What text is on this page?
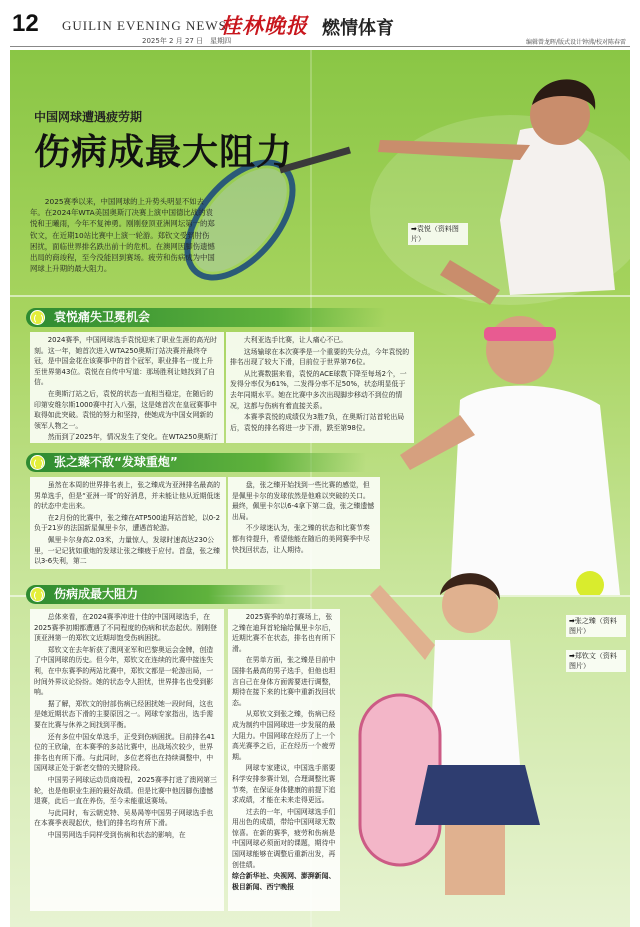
12 GUILIN EVENING NEWS
2025年 2 月 27 日　星期四
桂林晚报 燃情体育
编辑曾龙晖/版式设计钟沸/校对陈春雷
中国网球遭遇疲劳期
伤病成最大阻力

2025赛季以来，中国网球的上升势头明显不如去年。在2024年WTA美国奥斯汀决赛上演中国德比战的袁悦和王曦雨，今年不复神勇。刚刚登顶亚洲网坛第一的郑钦文，在近期10站比赛中上演一轮游。郑钦文受到肘伤困扰，面临世界排名跌出前十的危机。在澳网因脚伤遗憾出局的商竣程，至今没能回到赛场。疲劳和伤病成为中国网球上升期的最大阻力。

➡袁悦（资料图片）
袁悦痛失卫冕机会

2024赛季，中国网球选手袁悦迎来了职业生涯的高光时刻。这一年，她首次进入WTA250奥斯汀站决赛并最终夺冠，是中国金花在该赛事中的首个冠军，职业排名一度上升至世界第43位。袁悦在自传中写道：那场胜利让她找到了自信。

在奥斯汀站之后，袁悦的状态一直相当稳定，在随后的印第安维尔斯1000赛中打入八强，这是她首次在皇冠赛事中取得如此突破。袁悦的努力和坚持，使她成为中国女网新的领军人物之一。

然而到了2025年，情况发生了变化。在WTA250奥斯汀

大利亚选手比赛，让人痛心不已。

这场输球在本次赛季是一个重要的失分点，今年袁悦的排名出现了较大下滑，目前位于世界第76位。

从比赛数据来看，袁悦的ACE球数下降至每场2个，一发得分率仅为61%，二发得分率不足50%，状态明显低于去年同期水平。她在比赛中多次出现脚步移动不到位的情况，这都与伤病有着直接关系。

本赛季袁悦的成绩仅为3胜7负，在奥斯汀站首轮出局后，袁悦的排名将进一步下滑，跌至第98位。

张之臻不敌“发球重炮”

虽然在本周的世界排名表上，张之臻成为亚洲排名最高的男单选手，但是“亚洲一哥”的好消息，并未能让他从近期低迷的状态中走出来。

在2月份的比赛中，张之臻在ATP500迪拜站首轮，以0-2负于21岁的法国新星佩里卡尔，遭遇首轮游。

佩里卡尔身高2.03米，力量惊人，发球时速高达230公里，一记记犹如重炮的发球让张之臻疲于应付。首盘，张之臻以3-6失利，第二

盘，张之臻开始找到一些比赛的感觉，但是佩里卡尔的发球依然是他难以突破的关口。最终，佩里卡尔以6-4拿下第二盘，张之臻遗憾出局。

不少球迷认为，张之臻的状态和比赛节奏都有待提升，希望他能在随后的美网赛季中尽快找回状态，让人期待。

伤病成最大阻力

总体来看，在2024赛季冲进十佳的中国网球选手，在2025赛季初期都遭遇了不同程度的伤病和状态起伏。刚刚登顶亚洲第一的郑钦文近期却饱受伤病困扰。

郑钦文在去年斩获了澳网亚军和巴黎奥运会金牌，创造了中国网球的历史。但今年，郑钦文在连续的比赛中接连失利，在中东赛季的两站比赛中，郑钦文都是一轮游出局，一时间外界议论纷纷。她的状态令人担忧，世界排名也受到影响。

据了解，郑钦文的肘部伤病已经困扰她一段时间，这也是她近期状态下滑的主要原因之一。网球专家指出，选手需要在比赛与休养之间找到平衡。

还有多位中国女单选手，正受到伤病困扰。目前排名41位的王欣瑜，在本赛季的多站比赛中，出战场次较少，世界排名也有所下滑。与此同时，多位老将也在持续调整中，中国网球正处于新老交替的关键阶段。

中国男子网球运动员商竣程，2025赛季打进了澳网第三轮，也是他职业生涯的最好战绩。但是比赛中他因脚伤遗憾退赛，此后一直在养伤，至今未能重返赛场。

与此同时，布云朝克特、吴易昺等中国男子网球选手也在本赛季表现起伏，他们的排名均有所下滑。

中国男网选手同样受到伤病和状态的影响，在

2025赛季的单打赛场上，张之臻在迪拜首轮输给佩里卡尔后，近期比赛不在状态，排名也有所下滑。

在男单方面，张之臻是目前中国排名最高的男子选手，但他也坦言自己在身体方面需要进行调整，期待在接下来的比赛中重新找回状态。

从郑钦文到张之臻，伤病已经成为制约中国网球进一步发展的最大阻力。中国网球在经历了上一个高光赛季之后，正在经历一个疲劳期。

网球专家建议，中国选手需要科学安排参赛计划，合理调整比赛节奏，在保证身体健康的前提下追求成绩，才能在未来走得更远。

过去的一年，中国网球选手们用出色的成绩，带给中国网球无数惊喜。在新的赛季，疲劳和伤病是中国网球必须面对的课题，期待中国网球能够在调整后重新出发，再创佳绩。

综合新华社、央视网、澎湃新闻、极目新闻、西宁晚报

➡张之臻（资料图片）
➡郑钦文（资料图片）
